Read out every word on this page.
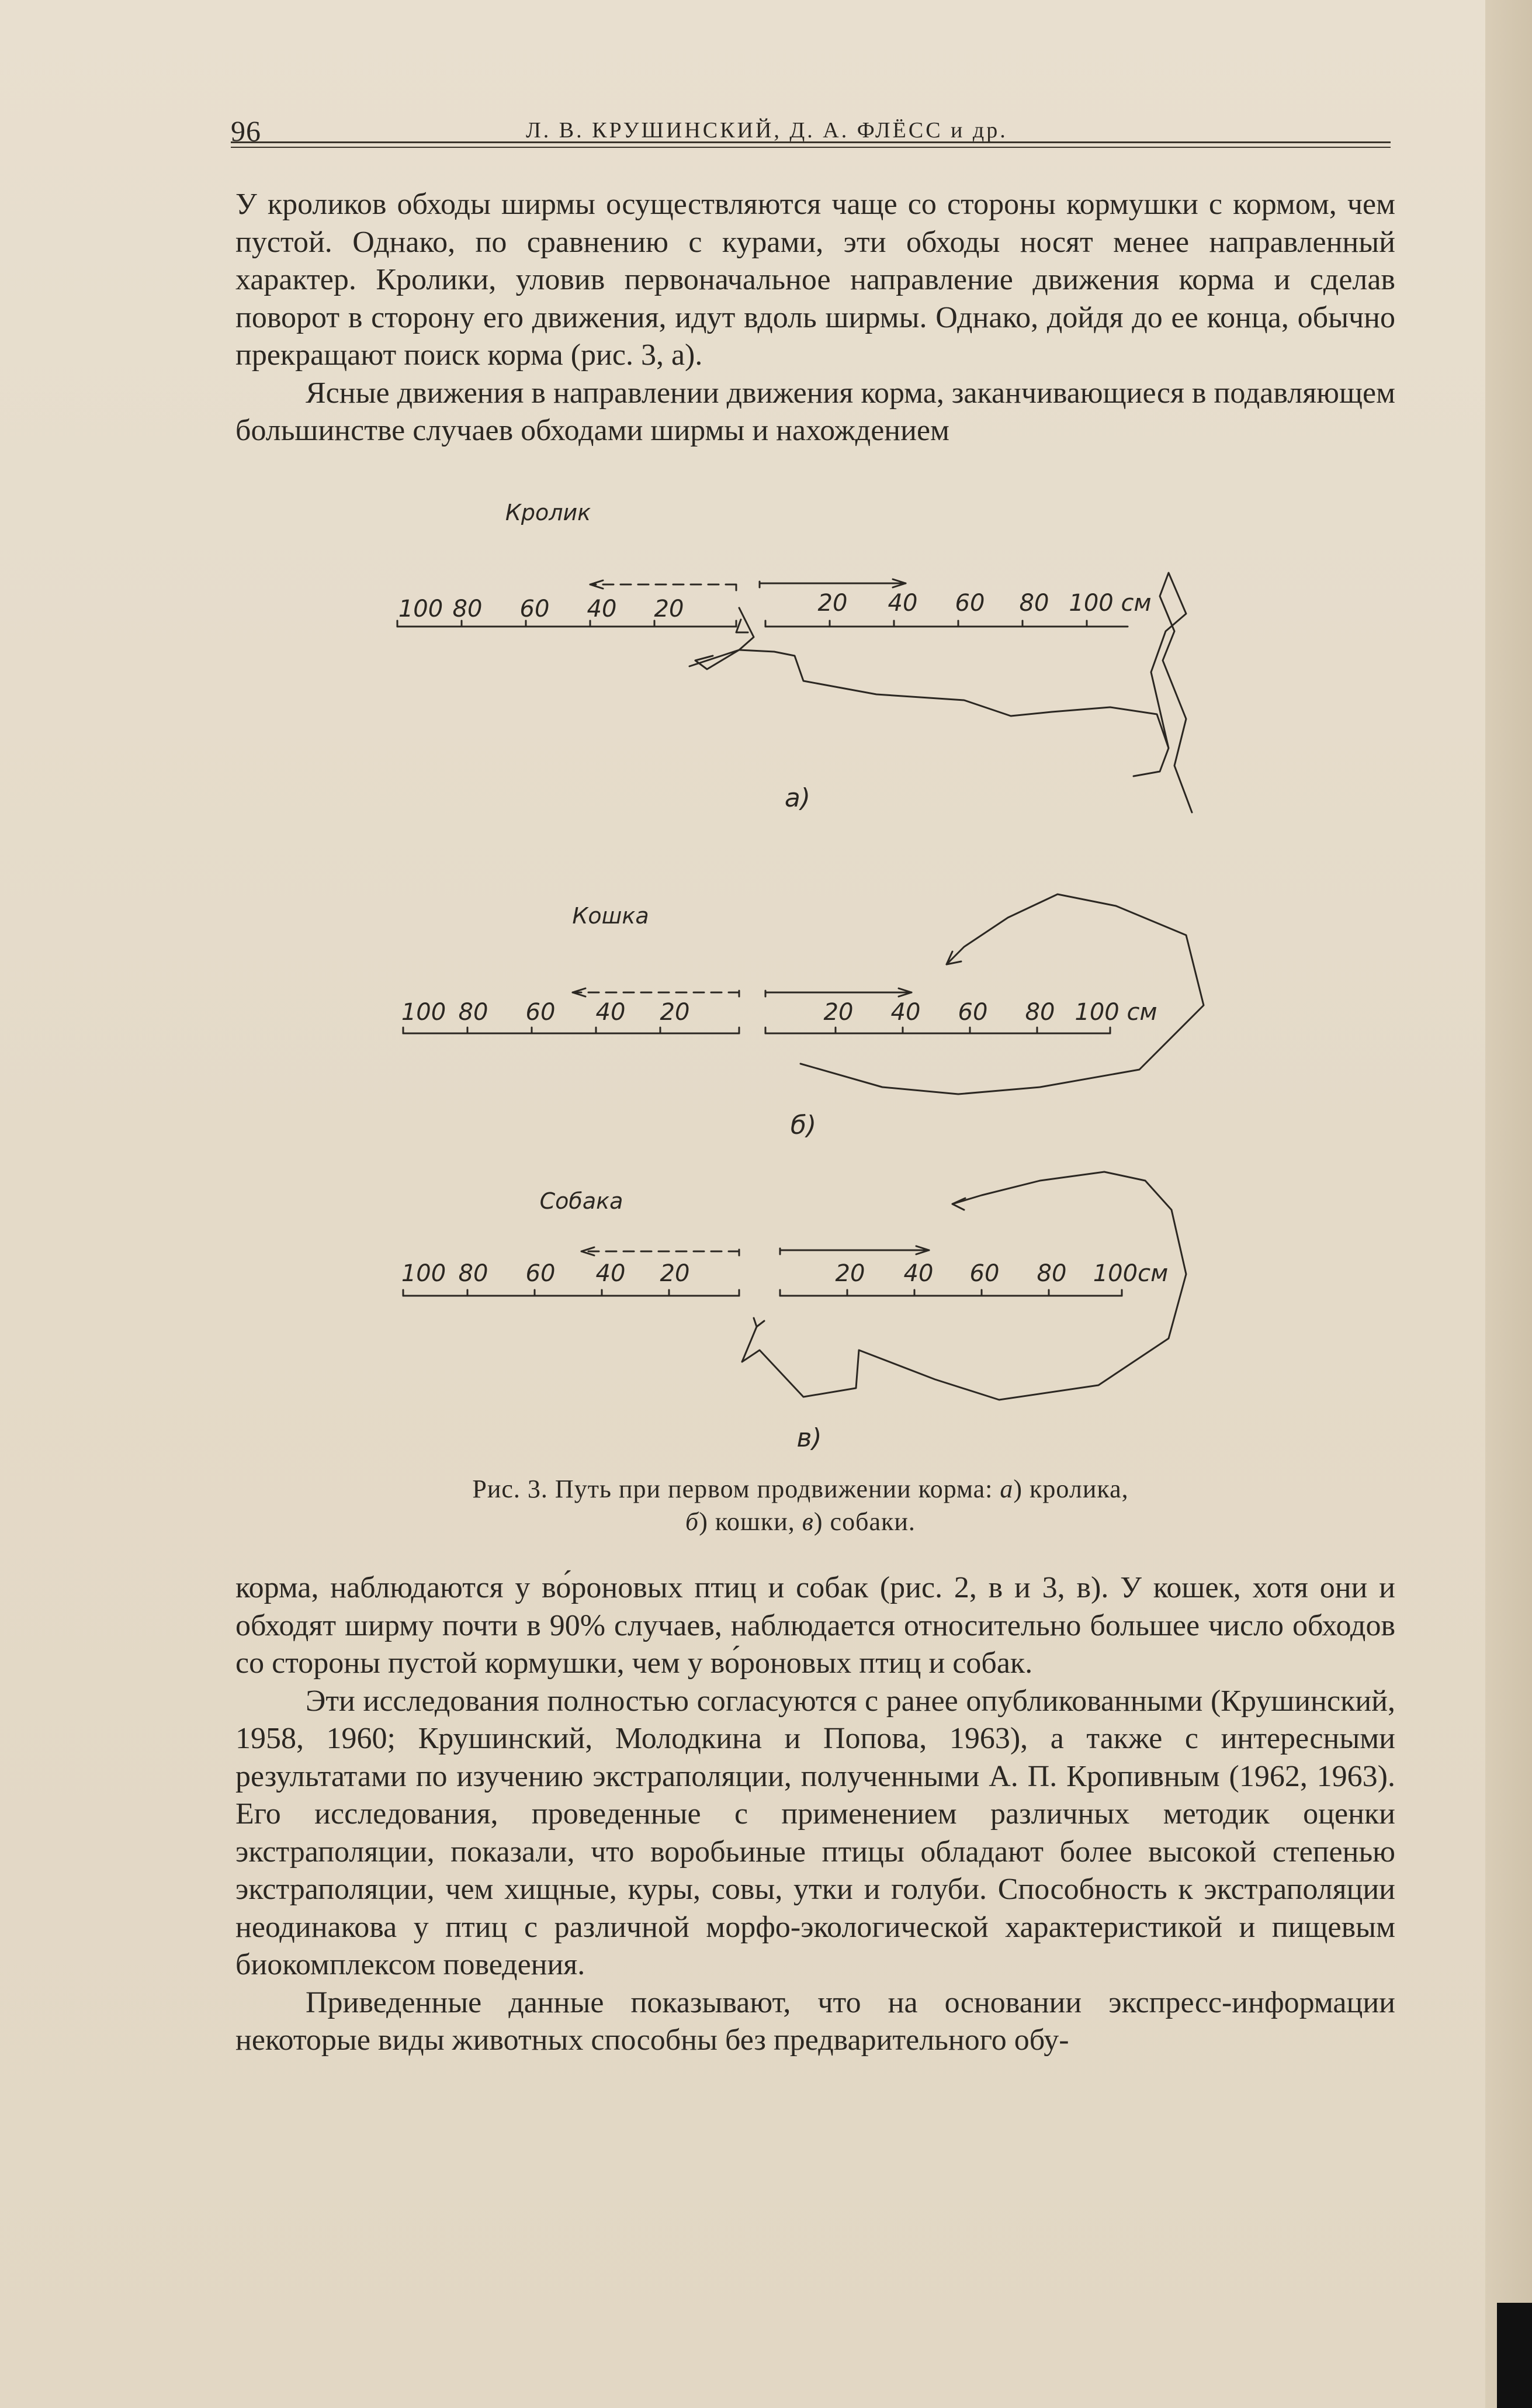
96	Л. В. КРУШИНСКИЙ, Д. А. ФЛЁСС и др.

У кроликов обходы ширмы осуществляются чаще со стороны кормушки с кормом, чем пустой. Однако, по сравнению с курами, эти обходы носят менее направленный характер. Кролики, уловив первоначальное направление движения корма и сделав поворот в сторону его движения, идут вдоль ширмы. Однако, дойдя до ее конца, обычно прекращают поиск корма (рис. 3, а).

Ясные движения в направлении движения корма, заканчивающиеся в подавляющем большинстве случаев обходами ширмы и нахождением

Кролик
100 80 60 40 20	20 40 60 80 100 см
а)
Кошка
100 80 60 40 20	20 40 60 80 100 см
б)
Собака
100 80 60 40 20	20 40 60 80 100см
в)
Рис. 3. Путь при первом продвижении корма: а) кролика,
б) кошки, в) собаки.

корма, наблюдаются у во́роновых птиц и собак (рис. 2, в и 3, в). У кошек, хотя они и обходят ширму почти в 90% случаев, наблюдается относительно большее число обходов со стороны пустой кормушки, чем у во́роновых птиц и собак.

Эти исследования полностью согласуются с ранее опубликованными (Крушинский, 1958, 1960; Крушинский, Молодкина и Попова, 1963), а также с интересными результатами по изучению экстраполяции, полученными А. П. Кропивным (1962, 1963). Его исследования, проведенные с применением различных методик оценки экстраполяции, показали, что воробьиные птицы обладают более высокой степенью экстраполяции, чем хищные, куры, совы, утки и голуби. Способность к экстраполяции неодинакова у птиц с различной морфо-экологической характеристикой и пищевым биокомплексом поведения.

Приведенные данные показывают, что на основании экспресс-информации некоторые виды животных способны без предварительного обу-
